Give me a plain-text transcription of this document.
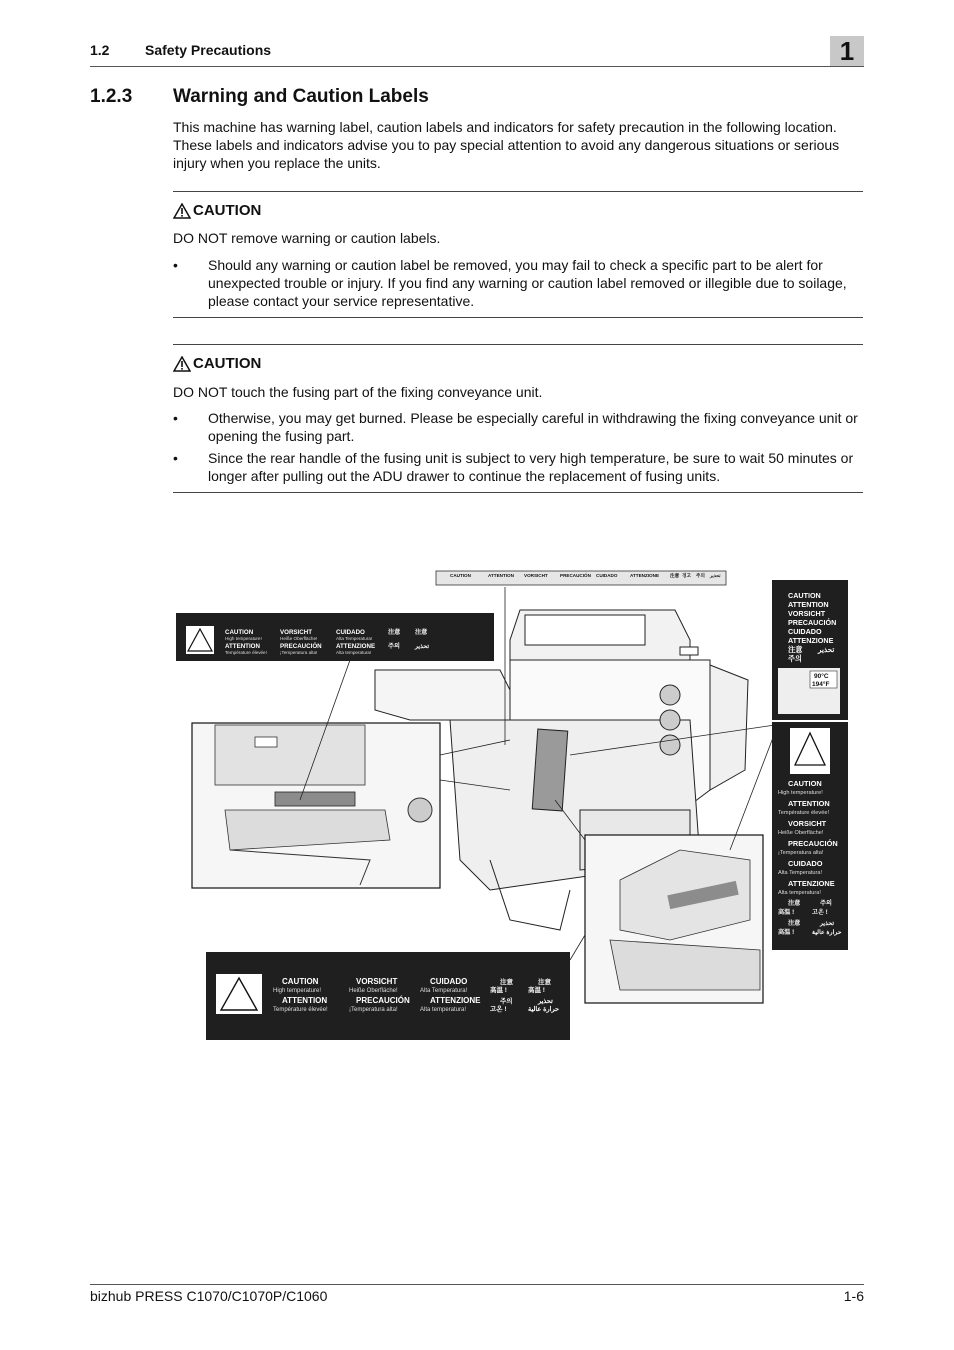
1.2	Safety Precautions	1
1.2.3 Warning and Caution Labels
This machine has warning label, caution labels and indicators for safety precaution in the following location. These labels and indicators advise you to pay special attention to avoid any dangerous situations or serious injury when you replace the units.
CAUTION
DO NOT remove warning or caution labels.
• Should any warning or caution label be removed, you may fail to check a specific part to be alert for unexpected trouble or injury. If you find any warning or caution label removed or illegible due to soilage, please contact your service representative.
CAUTION
DO NOT touch the fusing part of the fixing conveyance unit.
• Otherwise, you may get burned. Please be especially careful in withdrawing the fixing conveyance unit or opening the fusing part.
• Since the rear handle of the fusing unit is subject to very high temperature, be sure to wait 50 minutes or longer after pulling out the ADU drawer to continue the replacement of fusing units.
CAUTION	ATTENTION VORSICHT	PRECAUCIÓN CUIDADO	ATTENZIONE 注意 경고 주의 تحذير
CAUTION	VORSICHT	CUIDADO	注意 注意
ATTENTION	PRECAUCIÓN ATTENZIONE 주의 تحذير
High temperature!	Heiße Oberfläche!	Alta Temperatura!
Température élevée!	¡Temperatura alta!	Alta temperatura!
CAUTION
ATTENTION
VORSICHT
PRECAUCIÓN
CUIDADO
ATTENZIONE
注意 تحذير
주의
90°C
194°F
CAUTION
ATTENTION
VORSICHT
PRECAUCIÓN
CUIDADO
ATTENZIONE
High temperature!
Température élevée!
Heiße Oberfläche!
¡Temperatura alta!
Alta Temperatura!
Alta temperatura!
注意	주의
高温 !	고온 !
注意	تحذير
高温 !	حرارة عالية
CAUTION
ATTENTION
VORSICHT
PRECAUCIÓN
CUIDADO
ATTENZIONE
High temperature!
Température élevée!
Heiße Oberfläche!
¡Temperatura alta!
Alta Temperatura!
Alta temperatura!
注意	注意
高温 !	高温 !
주의	تحذير
고온 !	حرارة عالية
bizhub PRESS C1070/C1070P/C1060	1-6
